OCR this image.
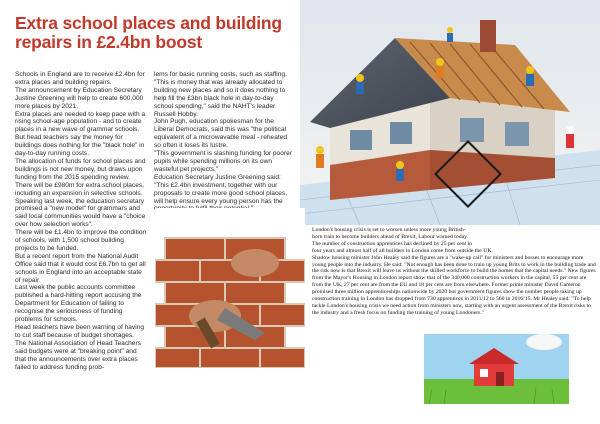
Extra school places and building repairs in £2.4bn boost

Schools in England are to receive £2.4bn for extra places and building repairs.

The announcement by Education Secretary Justine Greening will help to create 600,000 more places by 2021.

Extra places are needed to keep pace with a rising school-age population - and to create places in a new wave of grammar schools.

But head teachers say the money for buildings does nothing for the "black hole" in day-to-day running costs.

The allocation of funds for school places and buildings is not new money, but draws upon funding from the 2015 spending review.

There will be £980m for extra school places, including an expansion in selective schools.

Speaking last week, the education secretary promised a "new model" for grammars and said local communities would have a "choice over how selection works".

There will be £1.4bn to improve the condition of schools, with 1,500 school building projects to be funded.

But a recent report from the National Audit Office said that it would cost £6.7bn to get all schools in England into an acceptable state of repair.

Last week the public accounts committee published a hard-hitting report accusing the Department for Education of failing to recognise the seriousness of funding problems for schools.

Head teachers have been warning of having to cut staff because of budget shortages.

The National Association of Head Teachers said budgets were at "breaking point" and that the announcements over extra places failed to address funding prob-

lems for basic running costs, such as staffing.

"This is money that was already allocated to building new places and so it does nothing to help fill the £3bn black hole in day-to-day school spending," said the NAHT's leader Russell Hobby.

John Pugh, education spokesman for the Liberal Democrats, said this was "the political equivalent of a microwavable meal - reheated so often it loses its lustre.

"This government is slashing funding for poorer pupils while spending millions on its own wasteful pet projects."

Education Secretary Justine Greening said: "This £2.4bn investment, together with our proposals to create more good school places, will help ensure every young person has the

London's housing crisis is set to worsen unless more young British-

born train to become builders ahead of Brexit, Labour warned today.

The number of construction apprentices has declined by 25 per cent in

four years and almost half of all builders in London come from outside the UK.

Shadow housing minister John Healey said the figures are a "wake-up call" for ministers and bosses to encourage more young people into the industry. He said: "Not enough has been done to train up young Brits to work in the building trade and the risk now is that Brexit will leave us without the skilled workforce to build the homes that the capital needs." New figures from the Mayor's Housing in London report show that of the 340,000 construction workers in the capital, 55 per cent are from the UK, 27 per cent are from the EU and 18 per cent are from elsewhere. Former prime minister David Cameron promised three million apprenticeships nationwide by 2020 but government figures show the number people taking up construction training in London has dropped from 730 apprentices in 2011/12 to 560 in 2016/15. Mr Healey said: "To help tackle London's housing crisis we need action from ministers now, starting with an urgent assessment of the Brexit risks to the industry and a fresh focus on funding the training of young Londoners."
